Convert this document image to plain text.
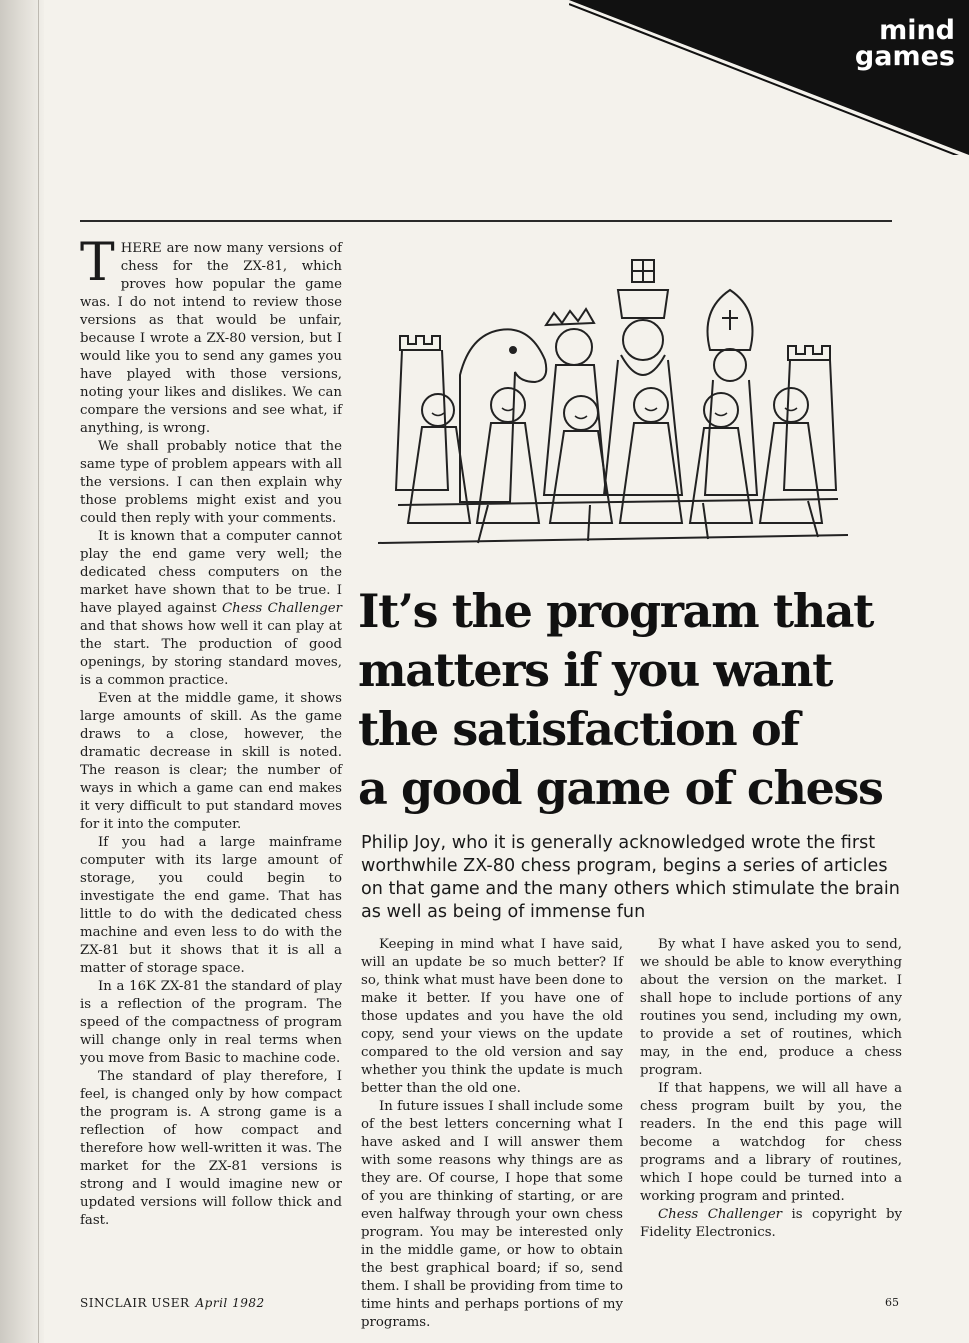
mind
games

THERE are now many versions of chess for the ZX-81, which proves how popular the game was. I do not intend to review those versions as that would be unfair, because I wrote a ZX-80 version, but I would like you to send any games you have played with those versions, noting your likes and dislikes. We can compare the versions and see what, if anything, is wrong.

We shall probably notice that the same type of problem appears with all the versions. I can then explain why those problems might exist and you could then reply with your comments.

It is known that a computer cannot play the end game very well; the dedicated chess computers on the market have shown that to be true. I have played against Chess Challenger and that shows how well it can play at the start. The production of good openings, by storing standard moves, is a common practice.

Even at the middle game, it shows large amounts of skill. As the game draws to a close, however, the dramatic decrease in skill is noted. The reason is clear; the number of ways in which a game can end makes it very difficult to put standard moves for it into the computer.

If you had a large mainframe computer with its large amount of storage, you could begin to investigate the end game. That has little to do with the dedicated chess machine and even less to do with the ZX-81 but it shows that it is all a matter of storage space.

In a 16K ZX-81 the standard of play is a reflection of the program. The speed of the compactness of program will change only in real terms when you move from Basic to machine code.

The standard of play therefore, I feel, is changed only by how compact the program is. A strong game is a reflection of how compact and therefore how well-written it was. The market for the ZX-81 versions is strong and I would imagine new or updated versions will follow thick and fast.

It’s the program that
matters if you want
the satisfaction of
a good game of chess
Philip Joy, who it is generally acknowledged wrote the first worthwhile ZX-80 chess program, begins a series of articles on that game and the many others which stimulate the brain as well as being of immense fun

Keeping in mind what I have said, will an update be so much better? If so, think what must have been done to make it better. If you have one of those updates and you have the old copy, send your views on the update compared to the old version and say whether you think the update is much better than the old one.

In future issues I shall include some of the best letters concerning what I have asked and I will answer them with some reasons why things are as they are. Of course, I hope that some of you are thinking of starting, or are even halfway through your own chess program. You may be interested only in the middle game, or how to obtain the best graphical board; if so, send them. I shall be providing from time to time hints and perhaps portions of my programs.

By what I have asked you to send, we should be able to know everything about the version on the market. I shall hope to include portions of any routines you send, including my own, to provide a set of routines, which may, in the end, produce a chess program.

If that happens, we will all have a chess program built by you, the readers. In the end this page will become a watchdog for chess programs and a library of routines, which I hope could be turned into a working program and printed.

Chess Challenger is copyright by Fidelity Electronics.

SINCLAIR USER April 1982	65
